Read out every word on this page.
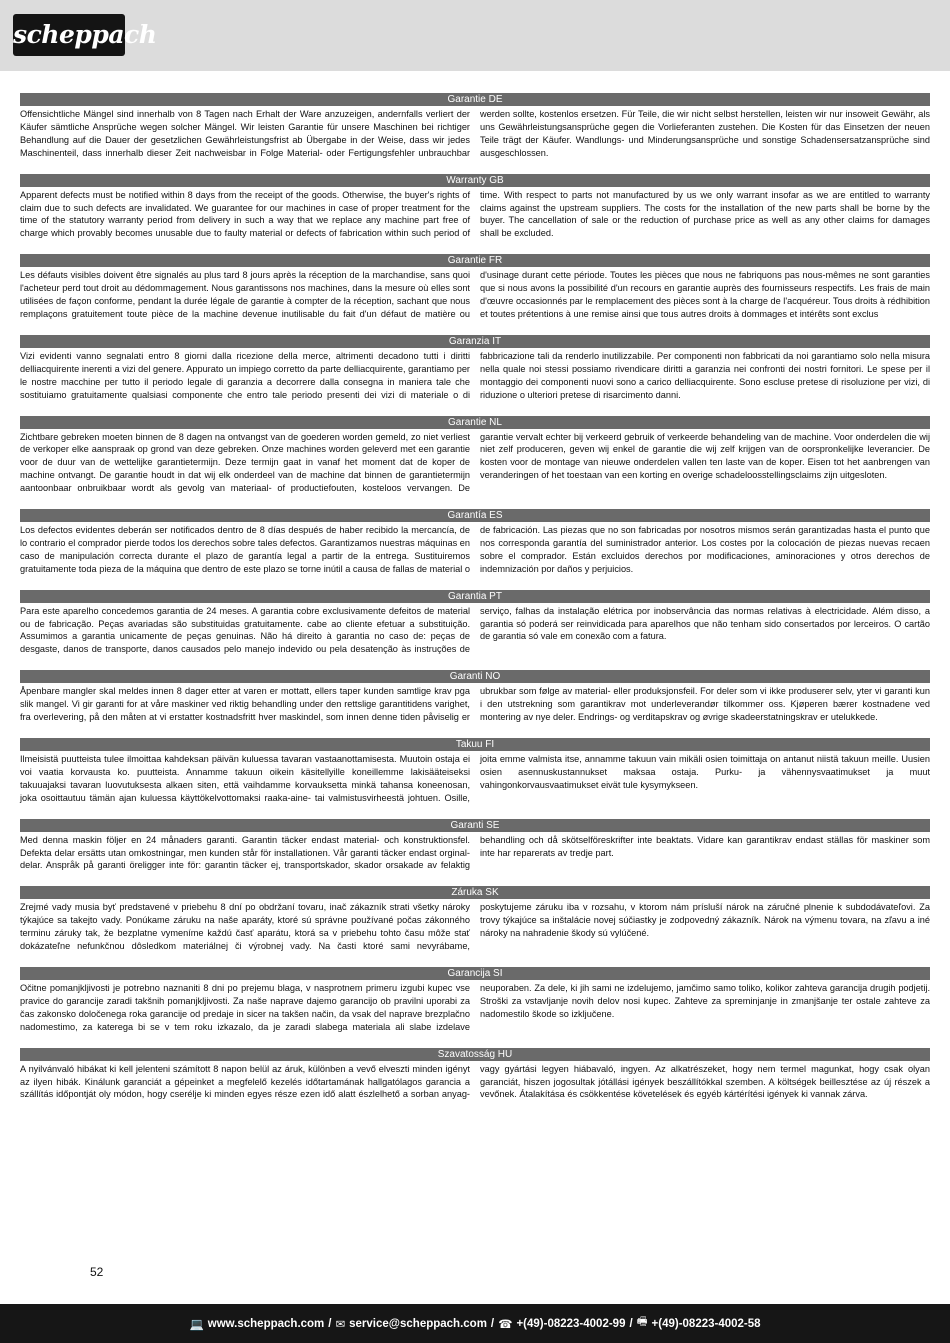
scheppach
Garantie DE
Offensichtliche Mängel sind innerhalb von 8 Tagen nach Erhalt der Ware anzuzeigen, andernfalls verliert der Käufer sämtliche Ansprüche wegen solcher Mängel. Wir leisten Garantie für unsere Maschinen bei richtiger Behandlung auf die Dauer der gesetzlichen Gewährleistungsfrist ab Übergabe in der Weise, dass wir jedes Maschinenteil, dass innerhalb dieser Zeit nachweisbar in Folge Material- oder Fertigungsfehler unbrauchbar werden sollte, kostenlos ersetzen. Für Teile, die wir nicht selbst herstellen, leisten wir nur insoweit Gewähr, als uns Gewährleistungsansprüche gegen die Vorlieferanten zustehen. Die Kosten für das Einsetzen der neuen Teile trägt der Käufer. Wandlungs- und Minderungsansprüche und sonstige Schadensersatzansprüche sind ausgeschlossen.
Warranty GB
Apparent defects must be notified within 8 days from the receipt of the goods. Otherwise, the buyer's rights of claim due to such defects are invalidated. We guarantee for our machines in case of proper treatment for the time of the statutory warranty period from delivery in such a way that we replace any machine part free of charge which provably becomes unusable due to faulty material or defects of fabrication within such period of time. With respect to parts not manufactured by us we only warrant insofar as we are entitled to warranty claims against the upstream suppliers. The costs for the installation of the new parts shall be borne by the buyer. The cancellation of sale or the reduction of purchase price as well as any other claims for damages shall be excluded.
Garantie FR
Les défauts visibles doivent être signalés au plus tard 8 jours après la réception de la marchandise, sans quoi l'acheteur perd tout droit au dédommagement. Nous garantissons nos machines, dans la mesure où elles sont utilisées de façon conforme, pendant la durée légale de garantie à compter de la réception, sachant que nous remplaçons gratuitement toute pièce de la machine devenue inutilisable du fait d'un défaut de matière ou d'usinage durant cette période. Toutes les pièces que nous ne fabriquons pas nous-mêmes ne sont garanties que si nous avons la possibilité d'un recours en garantie auprès des fournisseurs respectifs. Les frais de main d'œuvre occasionnés par le remplacement des pièces sont à la charge de l'acquéreur. Tous droits à rédhibition et toutes prétentions à une remise ainsi que tous autres droits à dommages et intérêts sont exclus
Garanzia IT
Vizi evidenti vanno segnalati entro 8 giorni dalla ricezione della merce, altrimenti decadono tutti i diritti delliacquirente inerenti a vizi del genere. Appurato un impiego corretto da parte delliacquirente, garantiamo per le nostre macchine per tutto il periodo legale di garanzia a decorrere dalla consegna in maniera tale che sostituiamo gratuitamente qualsiasi componente che entro tale periodo presenti dei vizi di materiale o di fabbricazione tali da renderlo inutilizzabile. Per componenti non fabbricati da noi garantiamo solo nella misura nella quale noi stessi possiamo rivendicare diritti a garanzia nei confronti dei nostri fornitori. Le spese per il montaggio dei componenti nuovi sono a carico delliacquirente. Sono escluse pretese di risoluzione per vizi, di riduzione o ulteriori pretese di risarcimento danni.
Garantie NL
Zichtbare gebreken moeten binnen de 8 dagen na ontvangst van de goederen worden gemeld, zo niet verliest de verkoper elke aanspraak op grond van deze gebreken. Onze machines worden geleverd met een garantie voor de duur van de wettelijke garantietermijn. Deze termijn gaat in vanaf het moment dat de koper de machine ontvangt. De garantie houdt in dat wij elk onderdeel van de machine dat binnen de garantietermijn aantoonbaar onbruikbaar wordt als gevolg van materiaal- of productiefouten, kosteloos vervangen. De garantie vervalt echter bij verkeerd gebruik of verkeerde behandeling van de machine. Voor onderdelen die wij niet zelf produceren, geven wij enkel de garantie die wij zelf krijgen van de oorspronkelijke leverancier. De kosten voor de montage van nieuwe onderdelen vallen ten laste van de koper. Eisen tot het aanbrengen van veranderingen of het toestaan van een korting en overige schadeloosstellingsclaims zijn uitgesloten.
Garantía ES
Los defectos evidentes deberán ser notificados dentro de 8 días después de haber recibido la mercancía, de lo contrario el comprador pierde todos los derechos sobre tales defectos. Garantizamos nuestras máquinas en caso de manipulación correcta durante el plazo de garantía legal a partir de la entrega. Sustituiremos gratuitamente toda pieza de la máquina que dentro de este plazo se torne inútil a causa de fallas de material o de fabricación. Las piezas que no son fabricadas por nosotros mismos serán garantizadas hasta el punto que nos corresponda garantía del suministrador anterior. Los costes por la colocación de piezas nuevas recaen sobre el comprador. Están excluidos derechos por modificaciones, aminoraciones y otros derechos de indemnización por daños y perjuicios.
Garantia PT
Para este aparelho concedemos garantia de 24 meses. A garantia cobre exclusivamente defeitos de material ou de fabricação. Peças avariadas são substituidas gratuitamente. cabe ao cliente efetuar a substituição. Assumimos a garantia unicamente de peças genuinas. Não há direito à garantia no caso de: peças de desgaste, danos de transporte, danos causados pelo manejo indevido ou pela desatenção às instruções de serviço, falhas da instalação elétrica por inobservância das normas relativas à electricidade. Além disso, a garantia só poderá ser reinvidicada para aparelhos que não tenham sido consertados por lerceiros. O cartão de garantia só vale em conexão com a fatura.
Garanti NO
Åpenbare mangler skal meldes innen 8 dager etter at varen er mottatt, ellers taper kunden samtlige krav pga slik mangel. Vi gir garanti for at våre maskiner ved riktig behandling under den rettslige garantitidens varighet, fra overlevering, på den måten at vi erstatter kostnadsfritt hver maskindel, som innen denne tiden påviselig er ubrukbar som følge av material- eller produksjonsfeil. For deler som vi ikke produserer selv, yter vi garanti kun i den utstrekning som garantikrav mot underleverandør tilkommer oss. Kjøperen bærer kostnadene ved montering av nye deler. Endrings- og verditapskrav og øvrige skadeerstatningskrav er utelukkede.
Takuu FI
Ilmeisistä puutteista tulee ilmoittaa kahdeksan päivän kuluessa tavaran vastaanottamisesta. Muutoin ostaja ei voi vaatia korvausta ko. puutteista. Annamme takuun oikein käsitellyille koneillemme lakisääteiseksi takuuajaksi tavaran luovutuksesta alkaen siten, että vaihdamme korvauksetta minkä tahansa koneenosan, joka osoittautuu tämän ajan kuluessa käyttökelvottomaksi raaka-aine- tai valmistusvirheestä johtuen. Osille, joita emme valmista itse, annamme takuun vain mikäli osien toimittaja on antanut niistä takuun meille. Uusien osien asennuskustannukset maksaa ostaja. Purku- ja vähennysvaatimukset ja muut vahingonkorvausvaatimukset eivät tule kysymykseen.
Garanti SE
Med denna maskin följer en 24 månaders garanti. Garantin täcker endast material- och konstruktionsfel. Defekta delar ersätts utan omkostningar, men kunden står för installationen. Vår garanti täcker endast orginal-delar. Anspråk på garanti öreligger inte för: garantin täcker ej, transportskador, skador orsakade av felaktig behandling och då skötselföreskrifter inte beaktats. Vidare kan garantikrav endast ställas för maskiner som inte har reparerats av tredje part.
Záruka SK
Zrejmé vady musia byť predstavené v priebehu 8 dní po obdržaní tovaru, inač zákazník strati všetky nároky týkajúce sa takejto vady. Ponúkame záruku na naše aparáty, ktoré sú správne používané počas zákonného terminu záruky tak, že bezplatne vymeníme každú časť aparátu, ktorá sa v priebehu tohto času môže stať dokázateľne nefunkčnou dôsledkom materiálnej či výrobnej vady. Na časti ktoré sami nevyrábame, poskytujeme záruku iba v rozsahu, v ktorom nám prísluší nárok na záručné plnenie k subdodávateľovi. Za trovy týkajúce sa inštalácie novej súčiastky je zodpovedný zákazník. Nárok na výmenu tovara, na zľavu a iné nároky na nahradenie škody sú vylúčené.
Garancija SI
Očitne pomanjkljivosti je potrebno naznaniti 8 dni po prejemu blaga, v nasprotnem primeru izgubi kupec vse pravice do garancije zaradi takšnih pomanjkljivosti. Za naše naprave dajemo garancijo ob pravilni uporabi za čas zakonsko določenega roka garancije od predaje in sicer na takšen način, da vsak del naprave brezplačno nadomestimo, za katerega bi se v tem roku izkazalo, da je zaradi slabega materiala ali slabe izdelave neuporaben. Za dele, ki jih sami ne izdelujemo, jamčimo samo toliko, kolikor zahteva garancija drugih podjetij. Stroški za vstavljanje novih delov nosi kupec. Zahteve za spreminjanje in zmanjšanje ter ostale zahteve za nadomestilo škode so izključene.
Szavatosság HU
A nyilvánvaló hibákat ki kell jelenteni számított 8 napon belül az áruk, különben a vevő elveszti minden igényt az ilyen hibák. Kinálunk garanciát a gépeinket a megfelelő kezelés időtartamának hallgatólagos garancia a szállítás időpontját oly módon, hogy cserélje ki minden egyes része ezen idő alatt észlelhető a sorban anyag-vagy gyártási legyen hiábavaló, ingyen. Az alkatrészeket, hogy nem termel magunkat, hogy csak olyan garanciát, hiszen jogosultak jótállási igények beszállítókkal szemben. A költségek beillesztése az új részek a vevőnek. Átalakítása és csökkentése követelések és egyéb kártérítési igények ki vannak zárva.
52
💻 www.scheppach.com / ✉ service@scheppach.com / ☎ +(49)-08223-4002-99 / 🖷 +(49)-08223-4002-58
